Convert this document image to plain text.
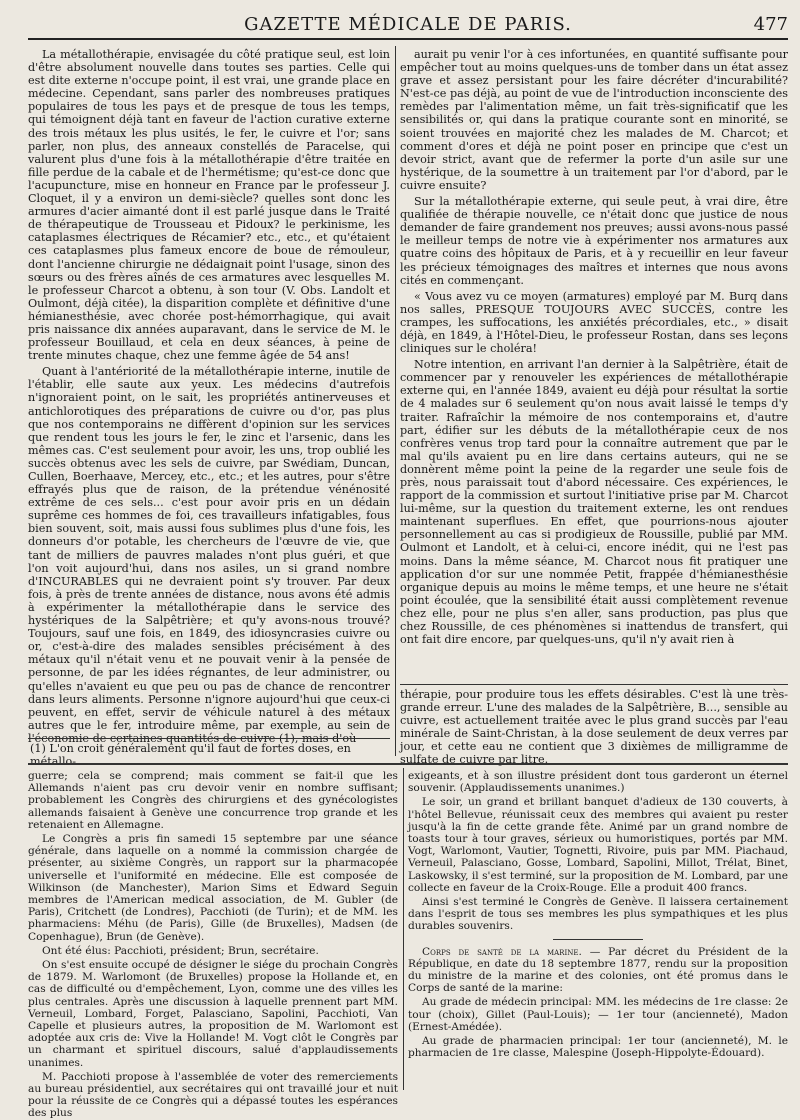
GAZETTE MÉDICALE DE PARIS.	477

La métallothérapie, envisagée du côté pratique seul, est loin d'être absolument nouvelle dans toutes ses parties. Celle qui est dite externe n'occupe point, il est vrai, une grande place en médecine. Cependant, sans parler des nombreuses pratiques populaires de tous les pays et de presque de tous les temps, qui témoignent déjà tant en faveur de l'action curative externe des trois métaux les plus usités, le fer, le cuivre et l'or; sans parler, non plus, des anneaux constellés de Paracelse, qui valurent plus d'une fois à la métallothérapie d'être traitée en fille perdue de la cabale et de l'hermétisme; qu'est-ce donc que l'acupuncture, mise en honneur en France par le professeur J. Cloquet, il y a environ un demi-siècle? quelles sont donc les armures d'acier aimanté dont il est parlé jusque dans le Traité de thérapeutique de Trousseau et Pidoux? le perkinisme, les cataplasmes électriques de Récamier? etc., etc., et qu'étaient ces cataplasmes plus fameux encore de boue de rémouleur, dont l'ancienne chirurgie ne dédaignait point l'usage, sinon des sœurs ou des frères aînés de ces armatures avec lesquelles M. le professeur Charcot a obtenu, à son tour (V. Obs. Landolt et Oulmont, déjà citée), la disparition complète et définitive d'une hémianesthésie, avec chorée post-hémorrhagique, qui avait pris naissance dix années auparavant, dans le service de M. le professeur Bouillaud, et cela en deux séances, à peine de trente minutes chaque, chez une femme âgée de 54 ans!

Quant à l'antériorité de la métallothérapie interne, inutile de l'établir, elle saute aux yeux. Les médecins d'autrefois n'ignoraient point, on le sait, les propriétés antinerveuses et antichlorotiques des préparations de cuivre ou d'or, pas plus que nos contemporains ne diffèrent d'opinion sur les services que rendent tous les jours le fer, le zinc et l'arsenic, dans les mêmes cas. C'est seulement pour avoir, les uns, trop oublié les succès obtenus avec les sels de cuivre, par Swédiam, Duncan, Cullen, Boerhaave, Mercey, etc., etc.; et les autres, pour s'être effrayés plus que de raison, de la prétendue vénénosité extrême de ces sels... c'est pour avoir pris en un dédain suprême ces hommes de foi, ces travailleurs infatigables, fous bien souvent, soit, mais aussi fous sublimes plus d'une fois, les donneurs d'or potable, les chercheurs de l'œuvre de vie, que tant de milliers de pauvres malades n'ont plus guéri, et que l'on voit aujourd'hui, dans nos asiles, un si grand nombre d'INCURABLES qui ne devraient point s'y trouver. Par deux fois, à près de trente années de distance, nous avons été admis à expérimenter la métallothérapie dans le service des hystériques de la Salpêtrière; et qu'y avons-nous trouvé? Toujours, sauf une fois, en 1849, des idiosyncrasies cuivre ou or, c'est-à-dire des malades sensibles précisément à des métaux qu'il n'était venu et ne pouvait venir à la pensée de personne, de par les idées régnantes, de leur administrer, ou qu'elles n'avaient eu que peu ou pas de chance de rencontrer dans leurs aliments. Personne n'ignore aujourd'hui que ceux-ci peuvent, en effet, servir de véhicule naturel à des métaux autres que le fer, introduire même, par exemple, au sein de l'économie de certaines quantités de cuivre (1), mais d'où

(1) L'on croit généralement qu'il faut de fortes doses, en métallo-

aurait pu venir l'or à ces infortunées, en quantité suffisante pour empêcher tout au moins quelques-uns de tomber dans un état assez grave et assez persistant pour les faire décréter d'incurabilité? N'est-ce pas déjà, au point de vue de l'introduction inconsciente des remèdes par l'alimentation même, un fait très-significatif que les sensibilités or, qui dans la pratique courante sont en minorité, se soient trouvées en majorité chez les malades de M. Charcot; et comment d'ores et déjà ne point poser en principe que c'est un devoir strict, avant que de refermer la porte d'un asile sur une hystérique, de la soumettre à un traitement par l'or d'abord, par le cuivre ensuite?

Sur la métallothérapie externe, qui seule peut, à vrai dire, être qualifiée de thérapie nouvelle, ce n'était donc que justice de nous demander de faire grandement nos preuves; aussi avons-nous passé le meilleur temps de notre vie à expérimenter nos armatures aux quatre coins des hôpitaux de Paris, et à y recueillir en leur faveur les précieux témoignages des maîtres et internes que nous avons cités en commençant.

« Vous avez vu ce moyen (armatures) employé par M. Burq dans nos salles, PRESQUE TOUJOURS AVEC SUCCÈS, contre les crampes, les suffocations, les anxiétés précordiales, etc., » disait déjà, en 1849, à l'Hôtel-Dieu, le professeur Rostan, dans ses leçons cliniques sur le choléra!

Notre intention, en arrivant l'an dernier à la Salpêtrière, était de commencer par y renouveler les expériences de métallothérapie externe qui, en l'année 1849, avaient eu déjà pour résultat la sortie de 4 malades sur 6 seulement qu'on nous avait laissé le temps d'y traiter. Rafraîchir la mémoire de nos contemporains et, d'autre part, édifier sur les débuts de la métallothérapie ceux de nos confrères venus trop tard pour la connaître autrement que par le mal qu'ils avaient pu en lire dans certains auteurs, qui ne se donnèrent même point la peine de la regarder une seule fois de près, nous paraissait tout d'abord nécessaire. Ces expériences, le rapport de la commission et surtout l'initiative prise par M. Charcot lui-même, sur la question du traitement externe, les ont rendues maintenant superflues. En effet, que pourrions-nous ajouter personnellement au cas si prodigieux de Roussille, publié par MM. Oulmont et Landolt, et à celui-ci, encore inédit, qui ne l'est pas moins. Dans la même séance, M. Charcot nous fit pratiquer une application d'or sur une nommée Petit, frappée d'hémianesthésie organique depuis au moins le même temps, et une heure ne s'était point écoulée, que la sensibilité était aussi complètement revenue chez elle, pour ne plus s'en aller, sans production, pas plus que chez Roussille, de ces phénomènes si inattendus de transfert, qui ont fait dire encore, par quelques-uns, qu'il n'y avait rien à

thérapie, pour produire tous les effets désirables. C'est là une très-grande erreur. L'une des malades de la Salpêtrière, B..., sensible au cuivre, est actuellement traitée avec le plus grand succès par l'eau minérale de Saint-Christan, à la dose seulement de deux verres par jour, et cette eau ne contient que 3 dixièmes de milligramme de sulfate de cuivre par litre.

guerre; cela se comprend; mais comment se fait-il que les Allemands n'aient pas cru devoir venir en nombre suffisant; probablement les Congrès des chirurgiens et des gynécologistes allemands faisaient à Genève une concurrence trop grande et les retenaient en Allemagne.

Le Congrès a pris fin samedi 15 septembre par une séance générale, dans laquelle on a nommé la commission chargée de présenter, au sixième Congrès, un rapport sur la pharmacopée universelle et l'uniformité en médecine. Elle est composée de Wilkinson (de Manchester), Marion Sims et Edward Seguin membres de l'American medical association, de M. Gubler (de Paris), Critchett (de Londres), Pacchioti (de Turin); et de MM. les pharmaciens: Méhu (de Paris), Gille (de Bruxelles), Madsen (de Copenhague), Brun (de Genève).

Ont été élus: Pacchioti, président; Brun, secrétaire.

On s'est ensuite occupé de désigner le siége du prochain Congrès de 1879. M. Warlomont (de Bruxelles) propose la Hollande et, en cas de difficulté ou d'empêchement, Lyon, comme une des villes les plus centrales. Après une discussion à laquelle prennent part MM. Verneuil, Lombard, Forget, Palasciano, Sapolini, Pacchioti, Van Capelle et plusieurs autres, la proposition de M. Warlomont est adoptée aux cris de: Vive la Hollande! M. Vogt clôt le Congrès par un charmant et spirituel discours, salué d'applaudissements unanimes.

M. Pacchioti propose à l'assemblée de voter des remerciements au bureau présidentiel, aux secrétaires qui ont travaillé jour et nuit pour la réussite de ce Congrès qui a dépassé toutes les espérances des plus

exigeants, et à son illustre président dont tous garderont un éternel souvenir. (Applaudissements unanimes.)

Le soir, un grand et brillant banquet d'adieux de 130 couverts, à l'hôtel Bellevue, réunissait ceux des membres qui avaient pu rester jusqu'à la fin de cette grande fête. Animé par un grand nombre de toasts tour à tour graves, sérieux ou humoristiques, portés par MM. Vogt, Warlomont, Vautier, Tognetti, Rivoire, puis par MM. Piachaud, Verneuil, Palasciano, Gosse, Lombard, Sapolini, Millot, Trélat, Binet, Laskowsky, il s'est terminé, sur la proposition de M. Lombard, par une collecte en faveur de la Croix-Rouge. Elle a produit 400 francs.

Ainsi s'est terminé le Congrès de Genève. Il laissera certainement dans l'esprit de tous ses membres les plus sympathiques et les plus durables souvenirs.

Corps de santé de la marine. — Par décret du Président de la République, en date du 18 septembre 1877, rendu sur la proposition du ministre de la marine et des colonies, ont été promus dans le Corps de santé de la marine:

Au grade de médecin principal: MM. les médecins de 1re classe: 2e tour (choix), Gillet (Paul-Louis); — 1er tour (ancienneté), Madon (Ernest-Amédée).

Au grade de pharmacien principal: 1er tour (ancienneté), M. le pharmacien de 1re classe, Malespine (Joseph-Hippolyte-Édouard).
